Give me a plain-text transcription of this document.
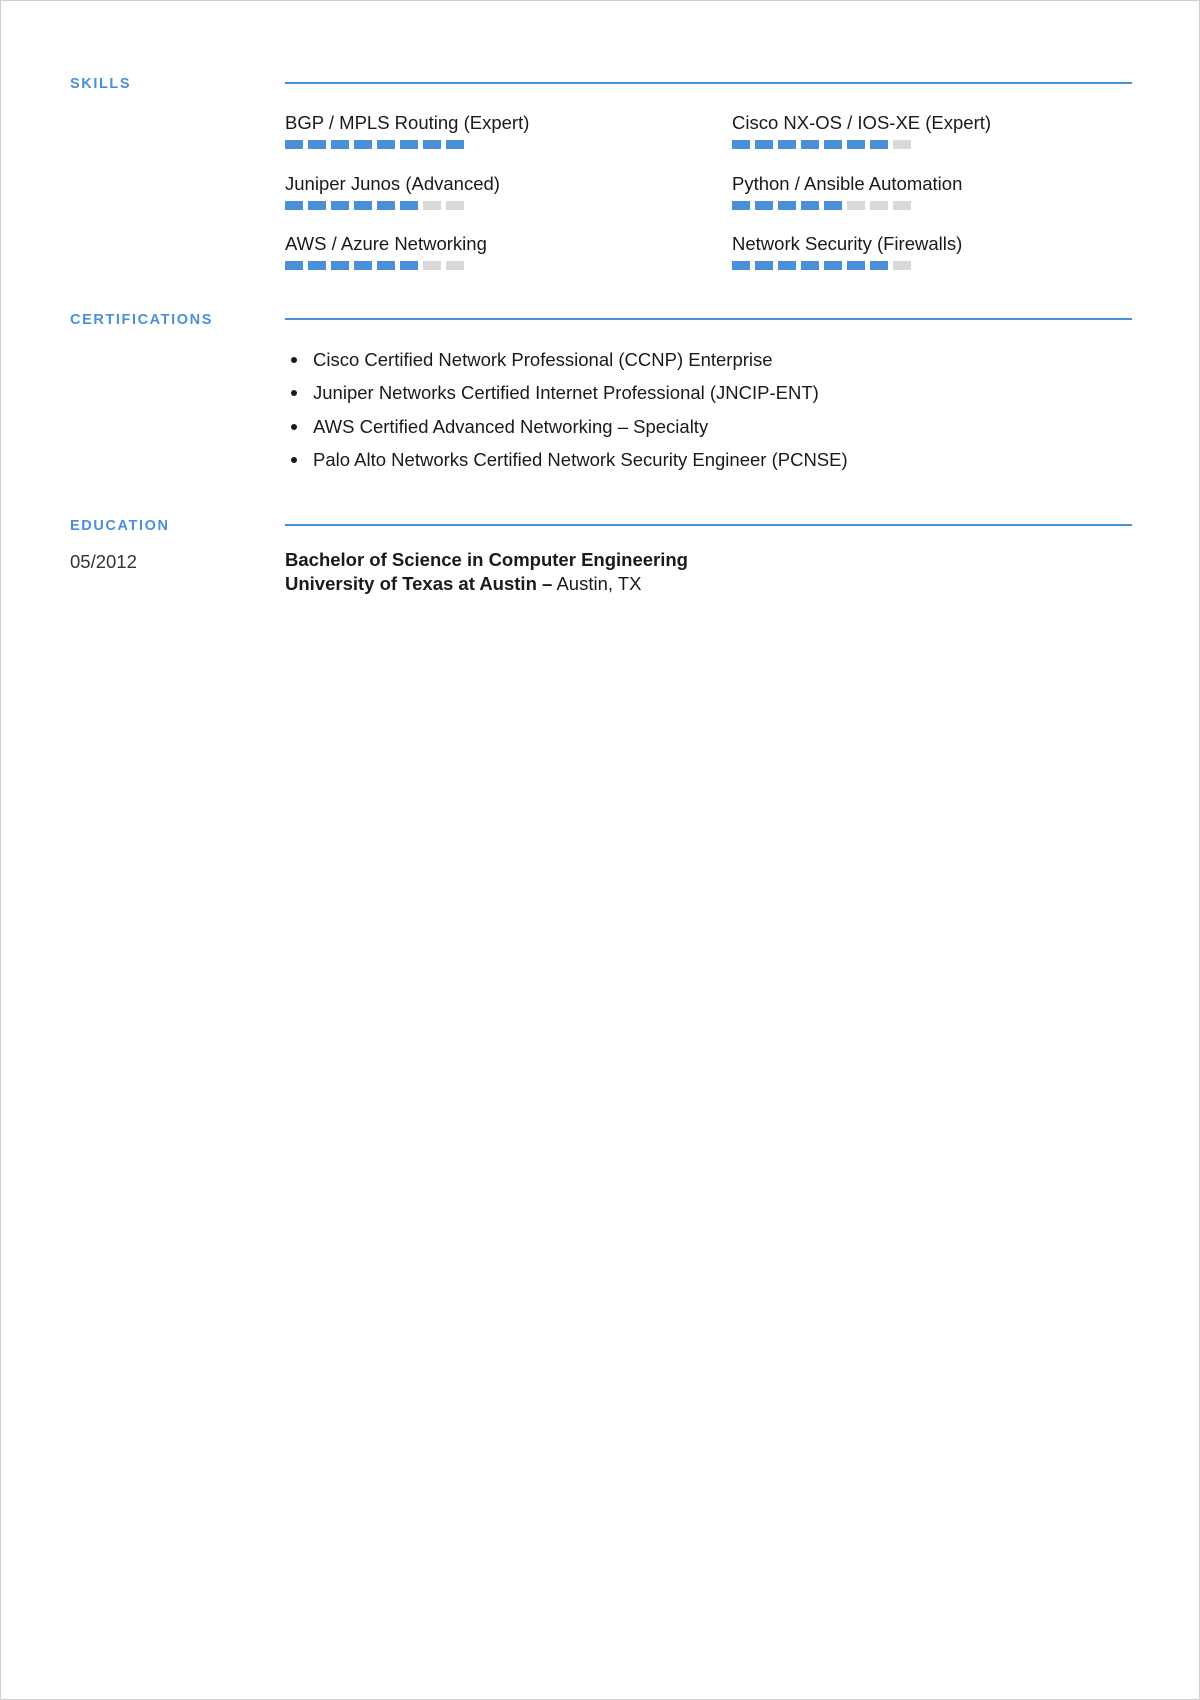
SKILLS
BGP / MPLS Routing (Expert)	Cisco NX-OS / IOS-XE (Expert)
Juniper Junos (Advanced)	Python / Ansible Automation
AWS / Azure Networking	Network Security (Firewalls)
CERTIFICATIONS
Cisco Certified Network Professional (CCNP) Enterprise
Juniper Networks Certified Internet Professional (JNCIP-ENT)
AWS Certified Advanced Networking – Specialty
Palo Alto Networks Certified Network Security Engineer (PCNSE)
EDUCATION
05/2012	Bachelor of Science in Computer Engineering
University of Texas at Austin – Austin, TX
